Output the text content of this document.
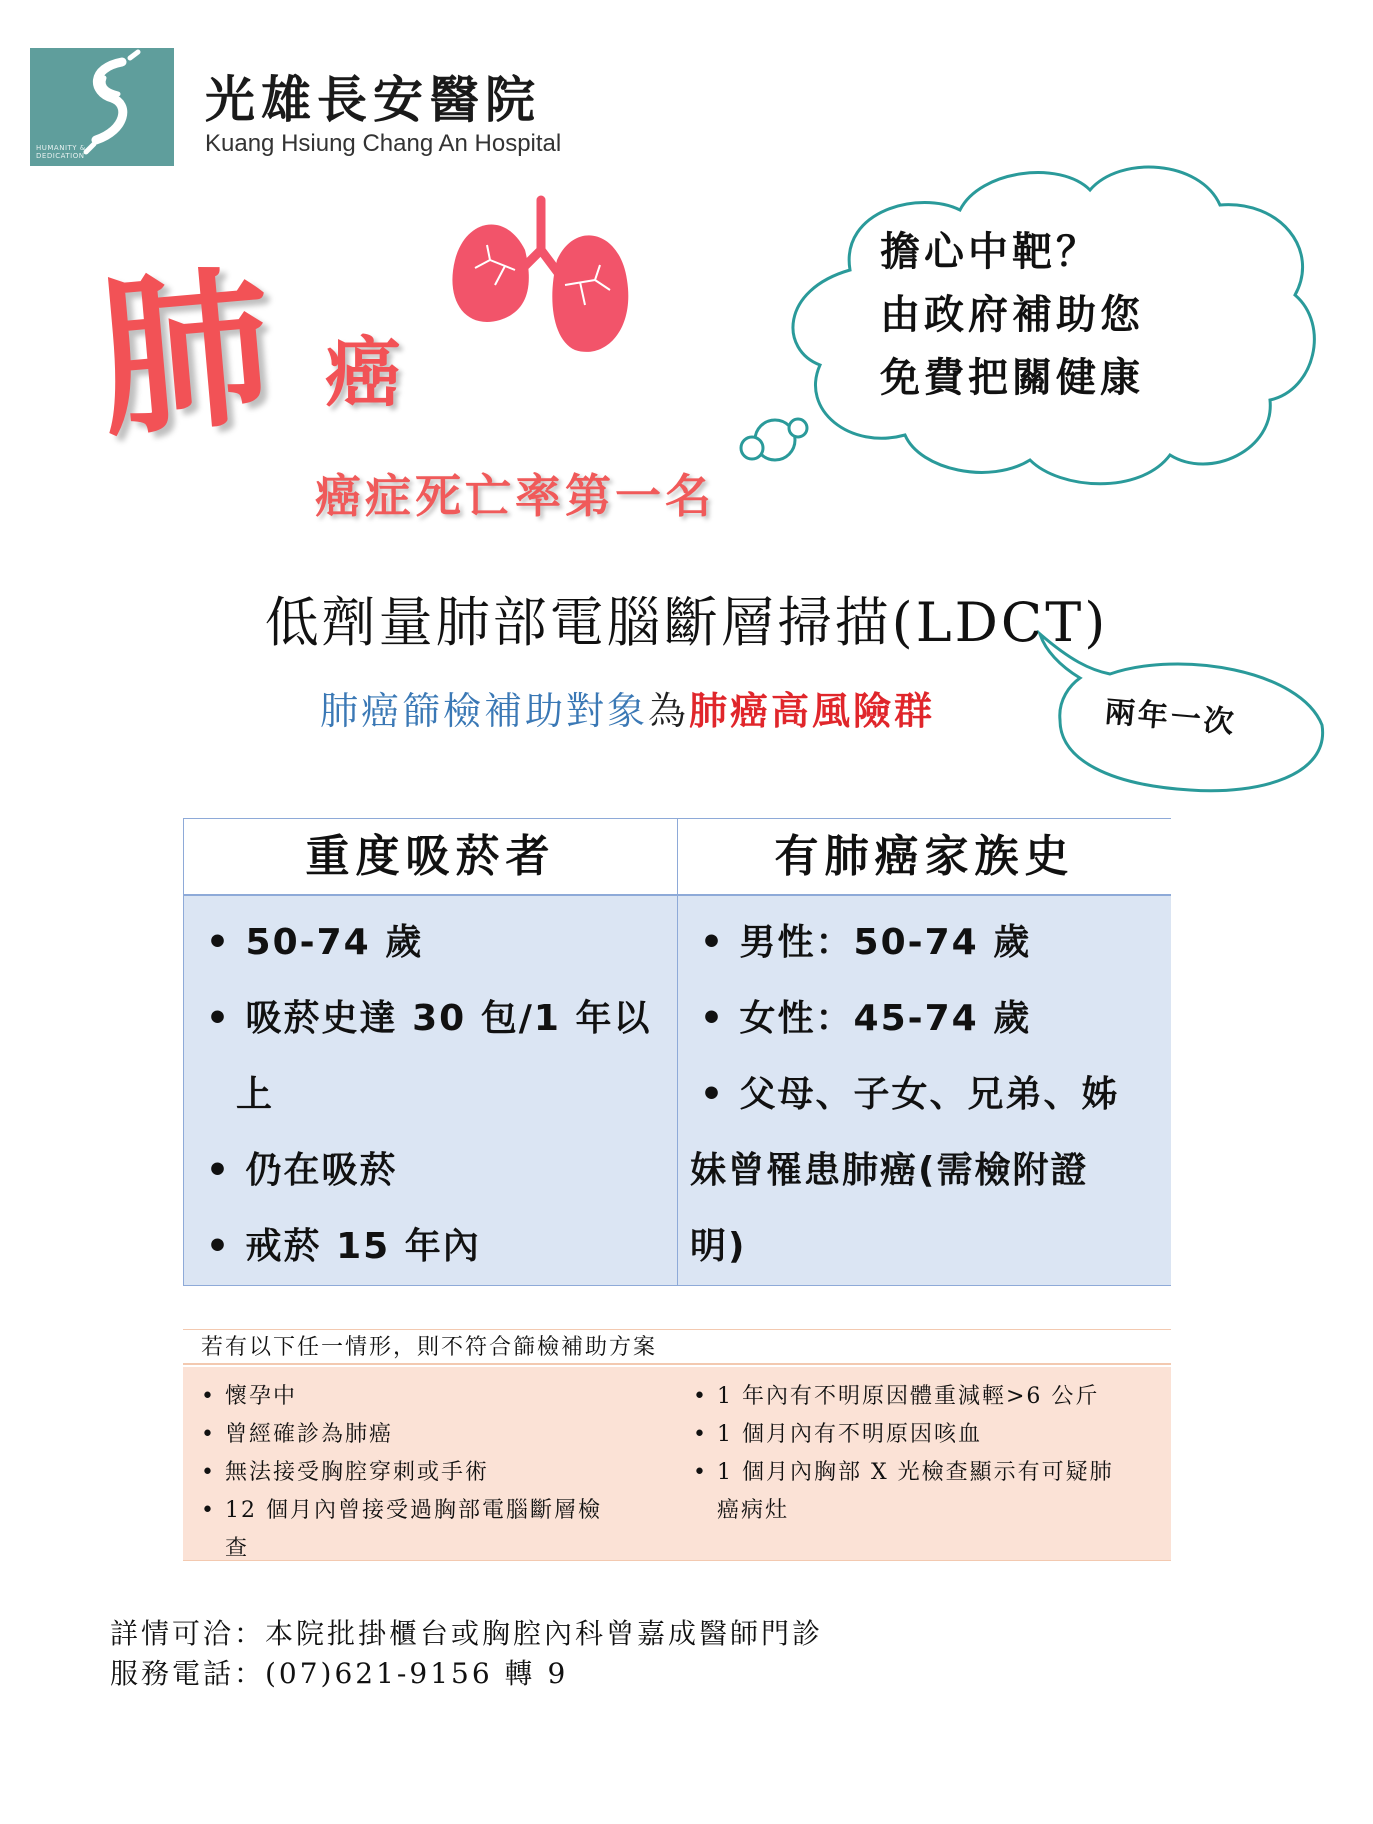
HUMANITY & DEDICATION
光雄長安醫院
Kuang Hsiung Chang An Hospital
肺 癌
癌症死亡率第一名
擔心中靶？
由政府補助您
免費把關健康
低劑量肺部電腦斷層掃描(LDCT)
肺癌篩檢補助對象為肺癌高風險群	兩年一次
重度吸菸者
• 50-74 歲
• 吸菸史達 30 包/1 年以
上
• 仍在吸菸
• 戒菸 15 年內
有肺癌家族史
• 男性：50-74 歲
• 女性：45-74 歲
• 父母、子女、兄弟、姊
妹曾罹患肺癌(需檢附證
明)
若有以下任一情形，則不符合篩檢補助方案
• 懷孕中
• 曾經確診為肺癌
• 無法接受胸腔穿刺或手術
• 12 個月內曾接受過胸部電腦斷層檢
查
• 1 年內有不明原因體重減輕>6 公斤
• 1 個月內有不明原因咳血
• 1 個月內胸部 X 光檢查顯示有可疑肺
癌病灶
詳情可洽：本院批掛櫃台或胸腔內科曾嘉成醫師門診
服務電話：(07)621-9156 轉 9
